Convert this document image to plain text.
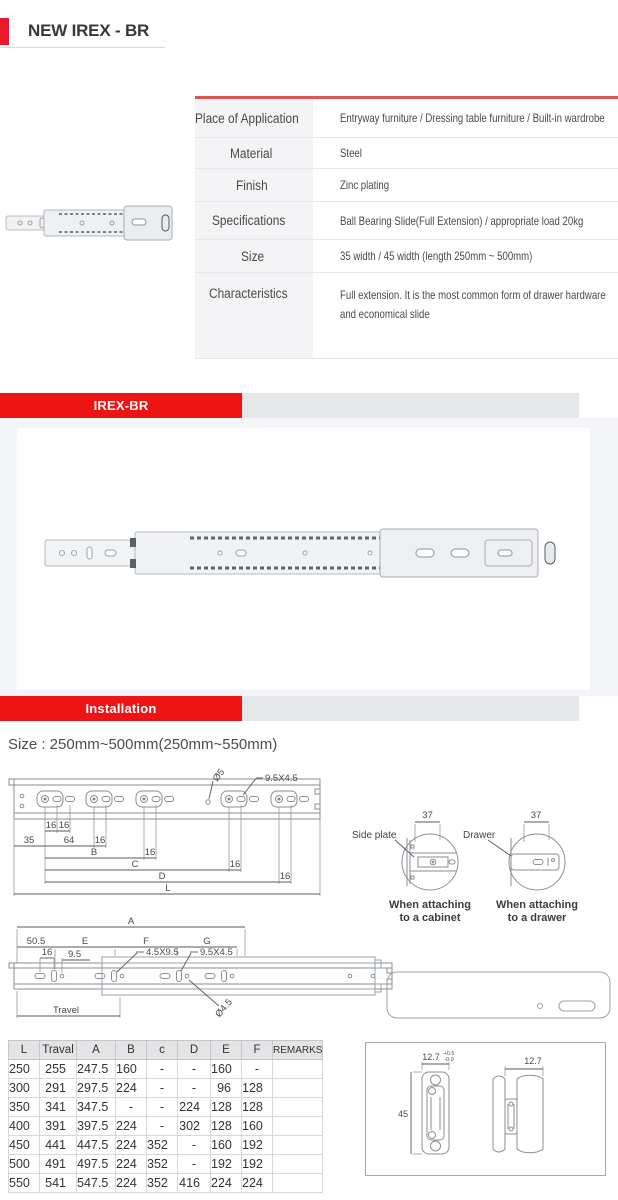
NEW IREX - BR
Place of Application	Entryway furniture / Dressing table furniture / Built-in wardrobe
Material	Steel
Finish	Zinc plating
Specifications	Ball Bearing Slide(Full Extension) / appropriate load 20kg
Size	35 width / 45 width (length 250mm ~ 500mm)
Characteristics	Full extension. It is the most common form of drawer hardware and economical slide
IREX-BR
Installation
Size : 250mm~500mm(250mm~550mm)
Ø5	9.5X4.5
16 16
35	64 16
B	16
C	16
D	16
L
37
Side plate
When attaching
to a cabinet
37
Drawer
When attaching
to a drawer
A
50.5	E	F	G
16 9.5	4.5X9.5 9.5X4.5
Ø4.5
Travel
L	Traval	A	B	c	D	E	F	REMARKS
250	255	247.5	160	-	-	160	-	
300	291	297.5	224	-	-	96	128	
350	341	347.5	-	-	224	128	128	
400	391	397.5	224	-	302	128	160	
450	441	447.5	224	352	-	160	192	
500	491	497.5	224	352	-	192	192	
550	541	547.5	224	352	416	224	224	
12.7 +0.5
-0.0
45
12.7
